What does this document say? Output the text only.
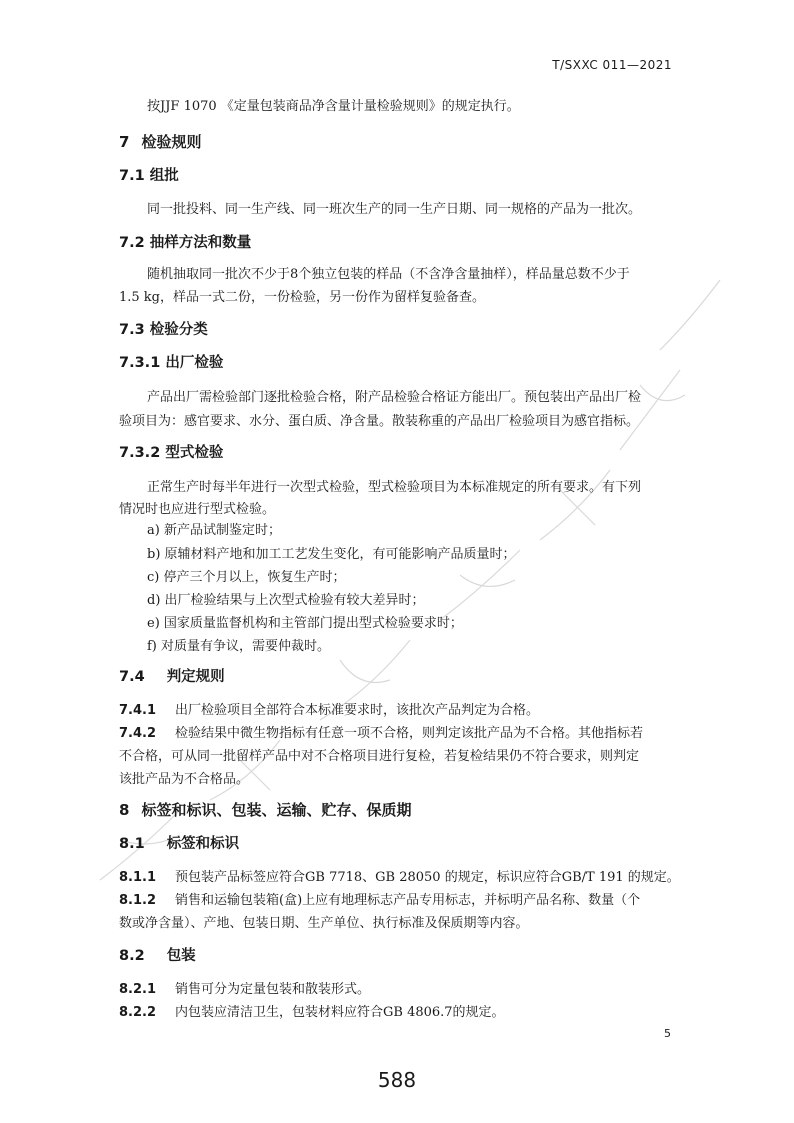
T/SXXC 011—2021
按JJF 1070 《定量包装商品净含量计量检验规则》的规定执行。
7 检验规则
7.1 组批
同一批投料、同一生产线、同一班次生产的同一生产日期、同一规格的产品为一批次。
7.2 抽样方法和数量
随机抽取同一批次不少于8个独立包装的样品（不含净含量抽样），样品量总数不少于
1.5 kg，样品一式二份，一份检验，另一份作为留样复验备查。
7.3 检验分类
7.3.1 出厂检验
产品出厂需检验部门逐批检验合格，附产品检验合格证方能出厂。预包装出产品出厂检
验项目为：感官要求、水分、蛋白质、净含量。散装称重的产品出厂检验项目为感官指标。
7.3.2 型式检验
正常生产时每半年进行一次型式检验，型式检验项目为本标准规定的所有要求。有下列
情况时也应进行型式检验。
a) 新产品试制鉴定时；
b) 原辅材料产地和加工工艺发生变化，有可能影响产品质量时；
c) 停产三个月以上，恢复生产时；
d) 出厂检验结果与上次型式检验有较大差异时；
e) 国家质量监督机构和主管部门提出型式检验要求时；
f) 对质量有争议，需要仲裁时。
7.4 判定规则
7.4.1 出厂检验项目全部符合本标准要求时，该批次产品判定为合格。
7.4.2 检验结果中微生物指标有任意一项不合格，则判定该批产品为不合格。其他指标若
不合格，可从同一批留样产品中对不合格项目进行复检，若复检结果仍不符合要求，则判定
该批产品为不合格品。
8 标签和标识、包装、运输、贮存、保质期
8.1 标签和标识
8.1.1 预包装产品标签应符合GB 7718、GB 28050 的规定，标识应符合GB/T 191 的规定。
8.1.2 销售和运输包装箱(盒)上应有地理标志产品专用标志，并标明产品名称、数量（个
数或净含量）、产地、包装日期、生产单位、执行标准及保质期等内容。
8.2 包装
8.2.1 销售可分为定量包装和散装形式。
8.2.2 内包装应清洁卫生，包装材料应符合GB 4806.7的规定。
5
588
